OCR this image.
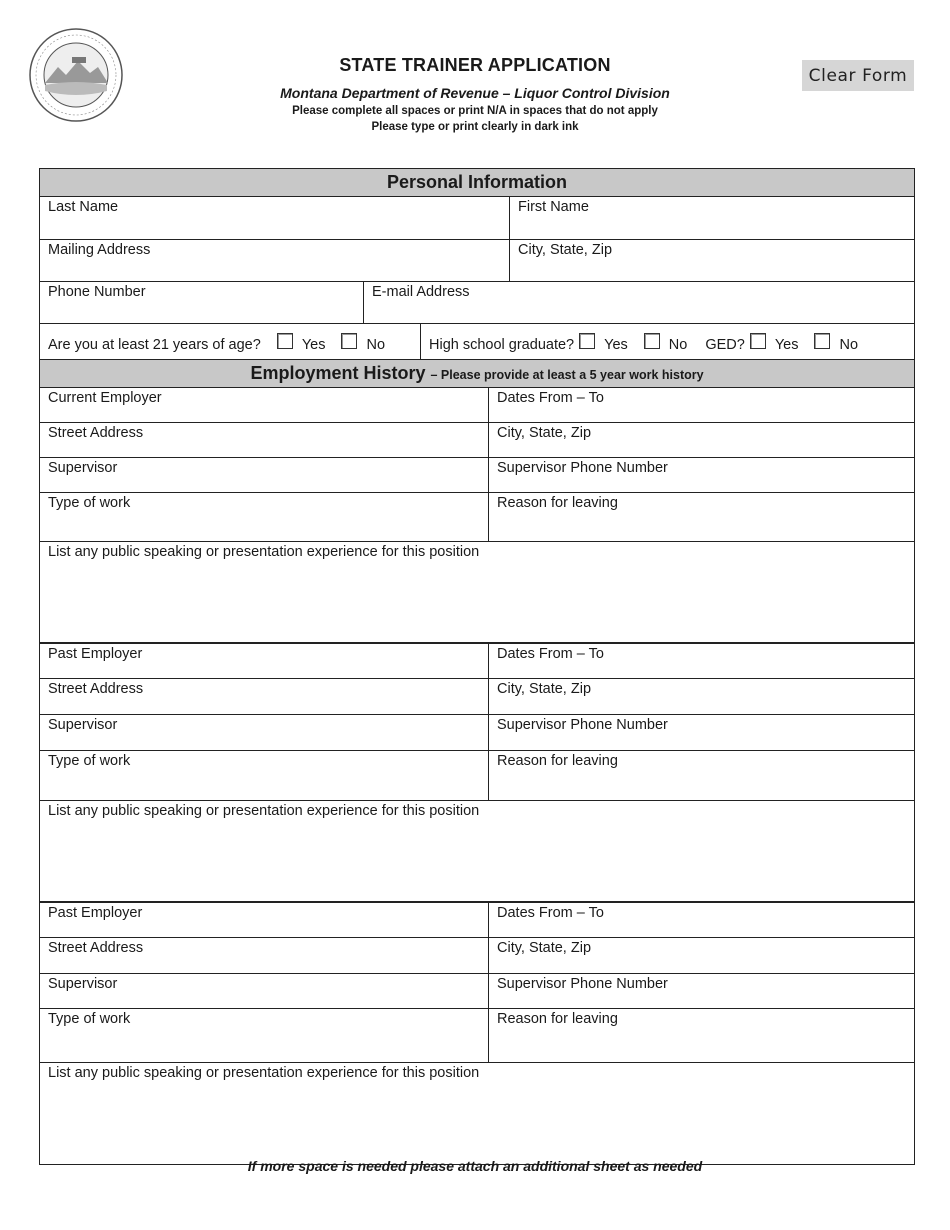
STATE TRAINER APPLICATION
Montana Department of Revenue – Liquor Control Division
Please complete all spaces or print N/A in spaces that do not apply
Please type or print clearly in dark ink
Clear Form
Personal Information
Last Name	First Name
Mailing Address	City, State, Zip
Phone Number	E-mail Address
Are you at least 21 years of age?	Yes	No	High school graduate? Yes	No GED? Yes	No
Employment History – Please provide at least a 5 year work history
Current Employer	Dates From – To
Street Address	City, State, Zip
Supervisor	Supervisor Phone Number
Type of work	Reason for leaving
List any public speaking or presentation experience for this position
Past Employer	Dates From – To
Street Address	City, State, Zip
Supervisor	Supervisor Phone Number
Type of work	Reason for leaving
List any public speaking or presentation experience for this position
Past Employer	Dates From – To
Street Address	City, State, Zip
Supervisor	Supervisor Phone Number
Type of work	Reason for leaving
List any public speaking or presentation experience for this position
If more space is needed please attach an additional sheet as needed
